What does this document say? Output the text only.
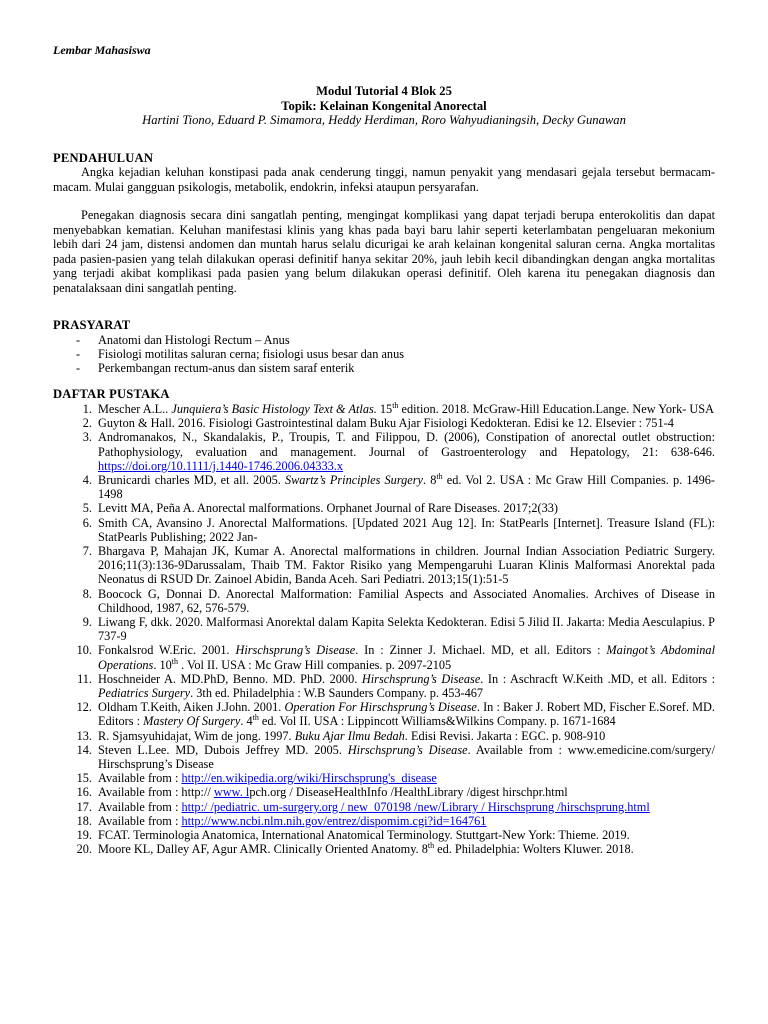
Lembar Mahasiswa
Modul Tutorial 4 Blok 25
Topik: Kelainan Kongenital Anorectal
Hartini Tiono, Eduard P. Simamora, Heddy Herdiman, Roro Wahyudianingsih, Decky Gunawan
PENDAHULUAN

Angka kejadian keluhan konstipasi pada anak cenderung tinggi, namun penyakit yang mendasari gejala tersebut bermacam-macam. Mulai gangguan psikologis, metabolik, endokrin, infeksi ataupun persyarafan.

Penegakan diagnosis secara dini sangatlah penting, mengingat komplikasi yang dapat terjadi berupa enterokolitis dan dapat menyebabkan kematian. Keluhan manifestasi klinis yang khas pada bayi baru lahir seperti keterlambatan pengeluaran mekonium lebih dari 24 jam, distensi andomen dan muntah harus selalu dicurigai ke arah kelainan kongenital saluran cerna. Angka mortalitas pada pasien-pasien yang telah dilakukan operasi definitif hanya sekitar 20%, jauh lebih kecil dibandingkan dengan angka mortalitas yang terjadi akibat komplikasi pada pasien yang belum dilakukan operasi definitif. Oleh karena itu penegakan diagnosis dan penatalaksaan dini sangatlah penting.

PRASYARAT
- Anatomi dan Histologi Rectum – Anus
- Fisiologi motilitas saluran cerna; fisiologi usus besar dan anus
- Perkembangan rectum-anus dan sistem saraf enterik
DAFTAR PUSTAKA
1. Mescher A.L.. Junquiera’s Basic Histology Text & Atlas. 15th edition. 2018. McGraw-Hill Education.Lange. New York- USA
2. Guyton & Hall. 2016. Fisiologi Gastrointestinal dalam Buku Ajar Fisiologi Kedokteran. Edisi ke 12. Elsevier : 751-4
3. Andromanakos, N., Skandalakis, P., Troupis, T. and Filippou, D. (2006), Constipation of anorectal outlet obstruction: Pathophysiology, evaluation and management. Journal of Gastroenterology and Hepatology, 21: 638-646. https://doi.org/10.1111/j.1440-1746.2006.04333.x
4. Brunicardi charles MD, et all. 2005. Swartz’s Principles Surgery. 8th ed. Vol 2. USA : Mc Graw Hill Companies. p. 1496-1498
5. Levitt MA, Peña A. Anorectal malformations. Orphanet Journal of Rare Diseases. 2017;2(33)
6. Smith CA, Avansino J. Anorectal Malformations. [Updated 2021 Aug 12]. In: StatPearls [Internet]. Treasure Island (FL): StatPearls Publishing; 2022 Jan-
7. Bhargava P, Mahajan JK, Kumar A. Anorectal malformations in children. Journal Indian Association Pediatric Surgery. 2016;11(3):136-9Darussalam, Thaib TM. Faktor Risiko yang Mempengaruhi Luaran Klinis Malformasi Anorektal pada Neonatus di RSUD Dr. Zainoel Abidin, Banda Aceh. Sari Pediatri. 2013;15(1):51-5
8. Boocock G, Donnai D. Anorectal Malformation: Familial Aspects and Associated Anomalies. Archives of Disease in Childhood, 1987, 62, 576-579.
9. Liwang F, dkk. 2020. Malformasi Anorektal dalam Kapita Selekta Kedokteran. Edisi 5 Jilid II. Jakarta: Media Aesculapius. P 737-9
10. Fonkalsrod W.Eric. 2001. Hirschsprung’s Disease. In : Zinner J. Michael. MD, et all. Editors : Maingot’s Abdominal Operations. 10th . Vol II. USA : Mc Graw Hill companies. p. 2097-2105
11. Hoschneider A. MD.PhD, Benno. MD. PhD. 2000. Hirschsprung’s Disease. In : Aschracft W.Keith .MD, et all. Editors : Pediatrics Surgery. 3th ed. Philadelphia : W.B Saunders Company. p. 453-467
12. Oldham T.Keith, Aiken J.John. 2001. Operation For Hirschsprung’s Disease. In : Baker J. Robert MD, Fischer E.Soref. MD. Editors : Mastery Of Surgery. 4th ed. Vol II. USA : Lippincott Williams&Wilkins Company. p. 1671-1684
13. R. Sjamsyuhidajat, Wim de jong. 1997. Buku Ajar Ilmu Bedah. Edisi Revisi. Jakarta : EGC. p. 908-910
14. Steven L.Lee. MD, Dubois Jeffrey MD. 2005. Hirschsprung’s Disease. Available from : www.emedicine.com/surgery/ Hirschsprung’s Disease
15. Available from : http://en.wikipedia.org/wiki/Hirschsprung's_disease
16. Available from : http:// www. lpch.org / DiseaseHealthInfo /HealthLibrary /digest hirschpr.html
17. Available from : http:/ /pediatric. um-surgery.org / new_070198 /new/Library / Hirschsprung /hirschsprung.html
18. Available from : http://www.ncbi.nlm.nih.gov/entrez/dispomim.cgi?id=164761
19. FCAT. Terminologia Anatomica, International Anatomical Terminology. Stuttgart-New York: Thieme. 2019.
20. Moore KL, Dalley AF, Agur AMR. Clinically Oriented Anatomy. 8th ed. Philadelphia: Wolters Kluwer. 2018.
